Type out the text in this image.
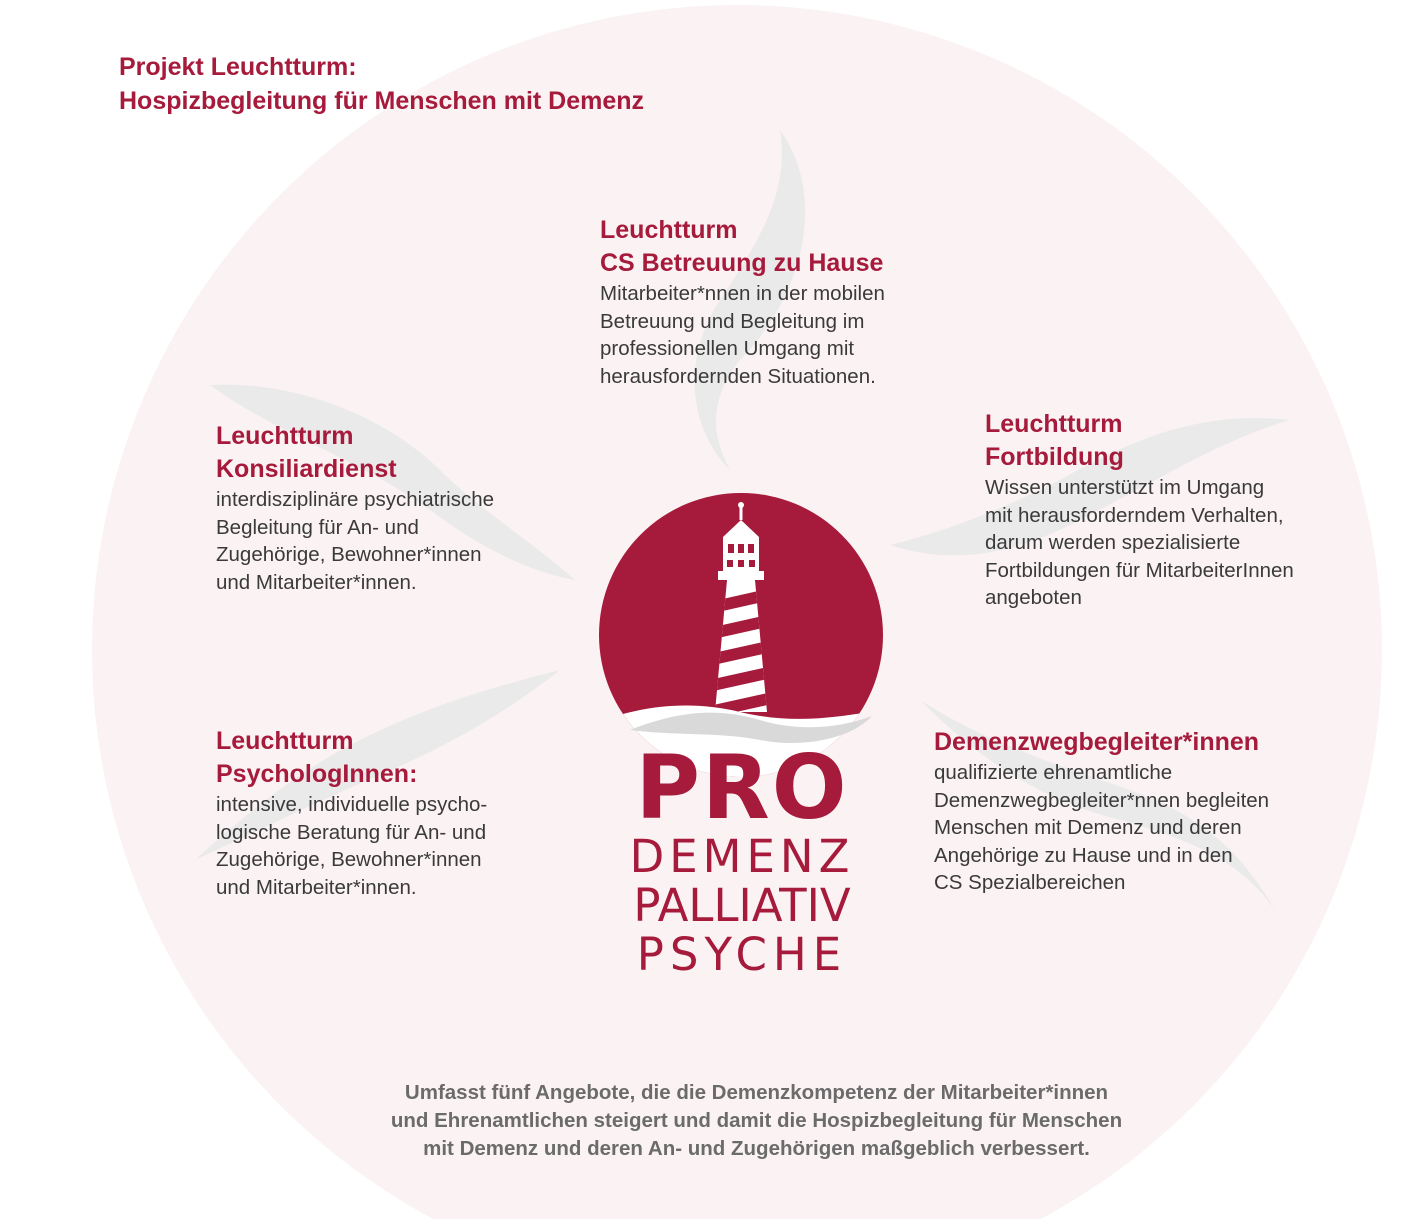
Projekt Leuchtturm:
Hospizbegleitung für Menschen mit Demenz
Leuchtturm
CS Betreuung zu Hause

Mitarbeiter*nnen in der mobilen
Betreuung und Begleitung im
professionellen Umgang mit
herausfordernden Situationen.

Leuchtturm
Konsiliardienst

interdisziplinäre psychiatrische
Begleitung für An- und
Zugehörige, Bewohner*innen
und Mitarbeiter*innen.

Leuchtturm
Fortbildung

Wissen unterstützt im Umgang
mit herausforderndem Verhalten,
darum werden spezialisierte
Fortbildungen für MitarbeiterInnen
angeboten

Leuchtturm
PsychologInnen:

intensive, individuelle psycho-
logische Beratung für An- und
Zugehörige, Bewohner*innen
und Mitarbeiter*innen.

Demenzwegbegleiter*innen

qualifizierte ehrenamtliche
Demenzwegbegleiter*nnen begleiten
Menschen mit Demenz und deren
Angehörige zu Hause und in den
CS Spezialbereichen

PRO
DEMENZ
PALLIATIV
PSYCHE

Umfasst fünf Angebote, die die Demenzkompetenz der Mitarbeiter*innen
und Ehrenamtlichen steigert und damit die Hospizbegleitung für Menschen
mit Demenz und deren An- und Zugehörigen maßgeblich verbessert.
